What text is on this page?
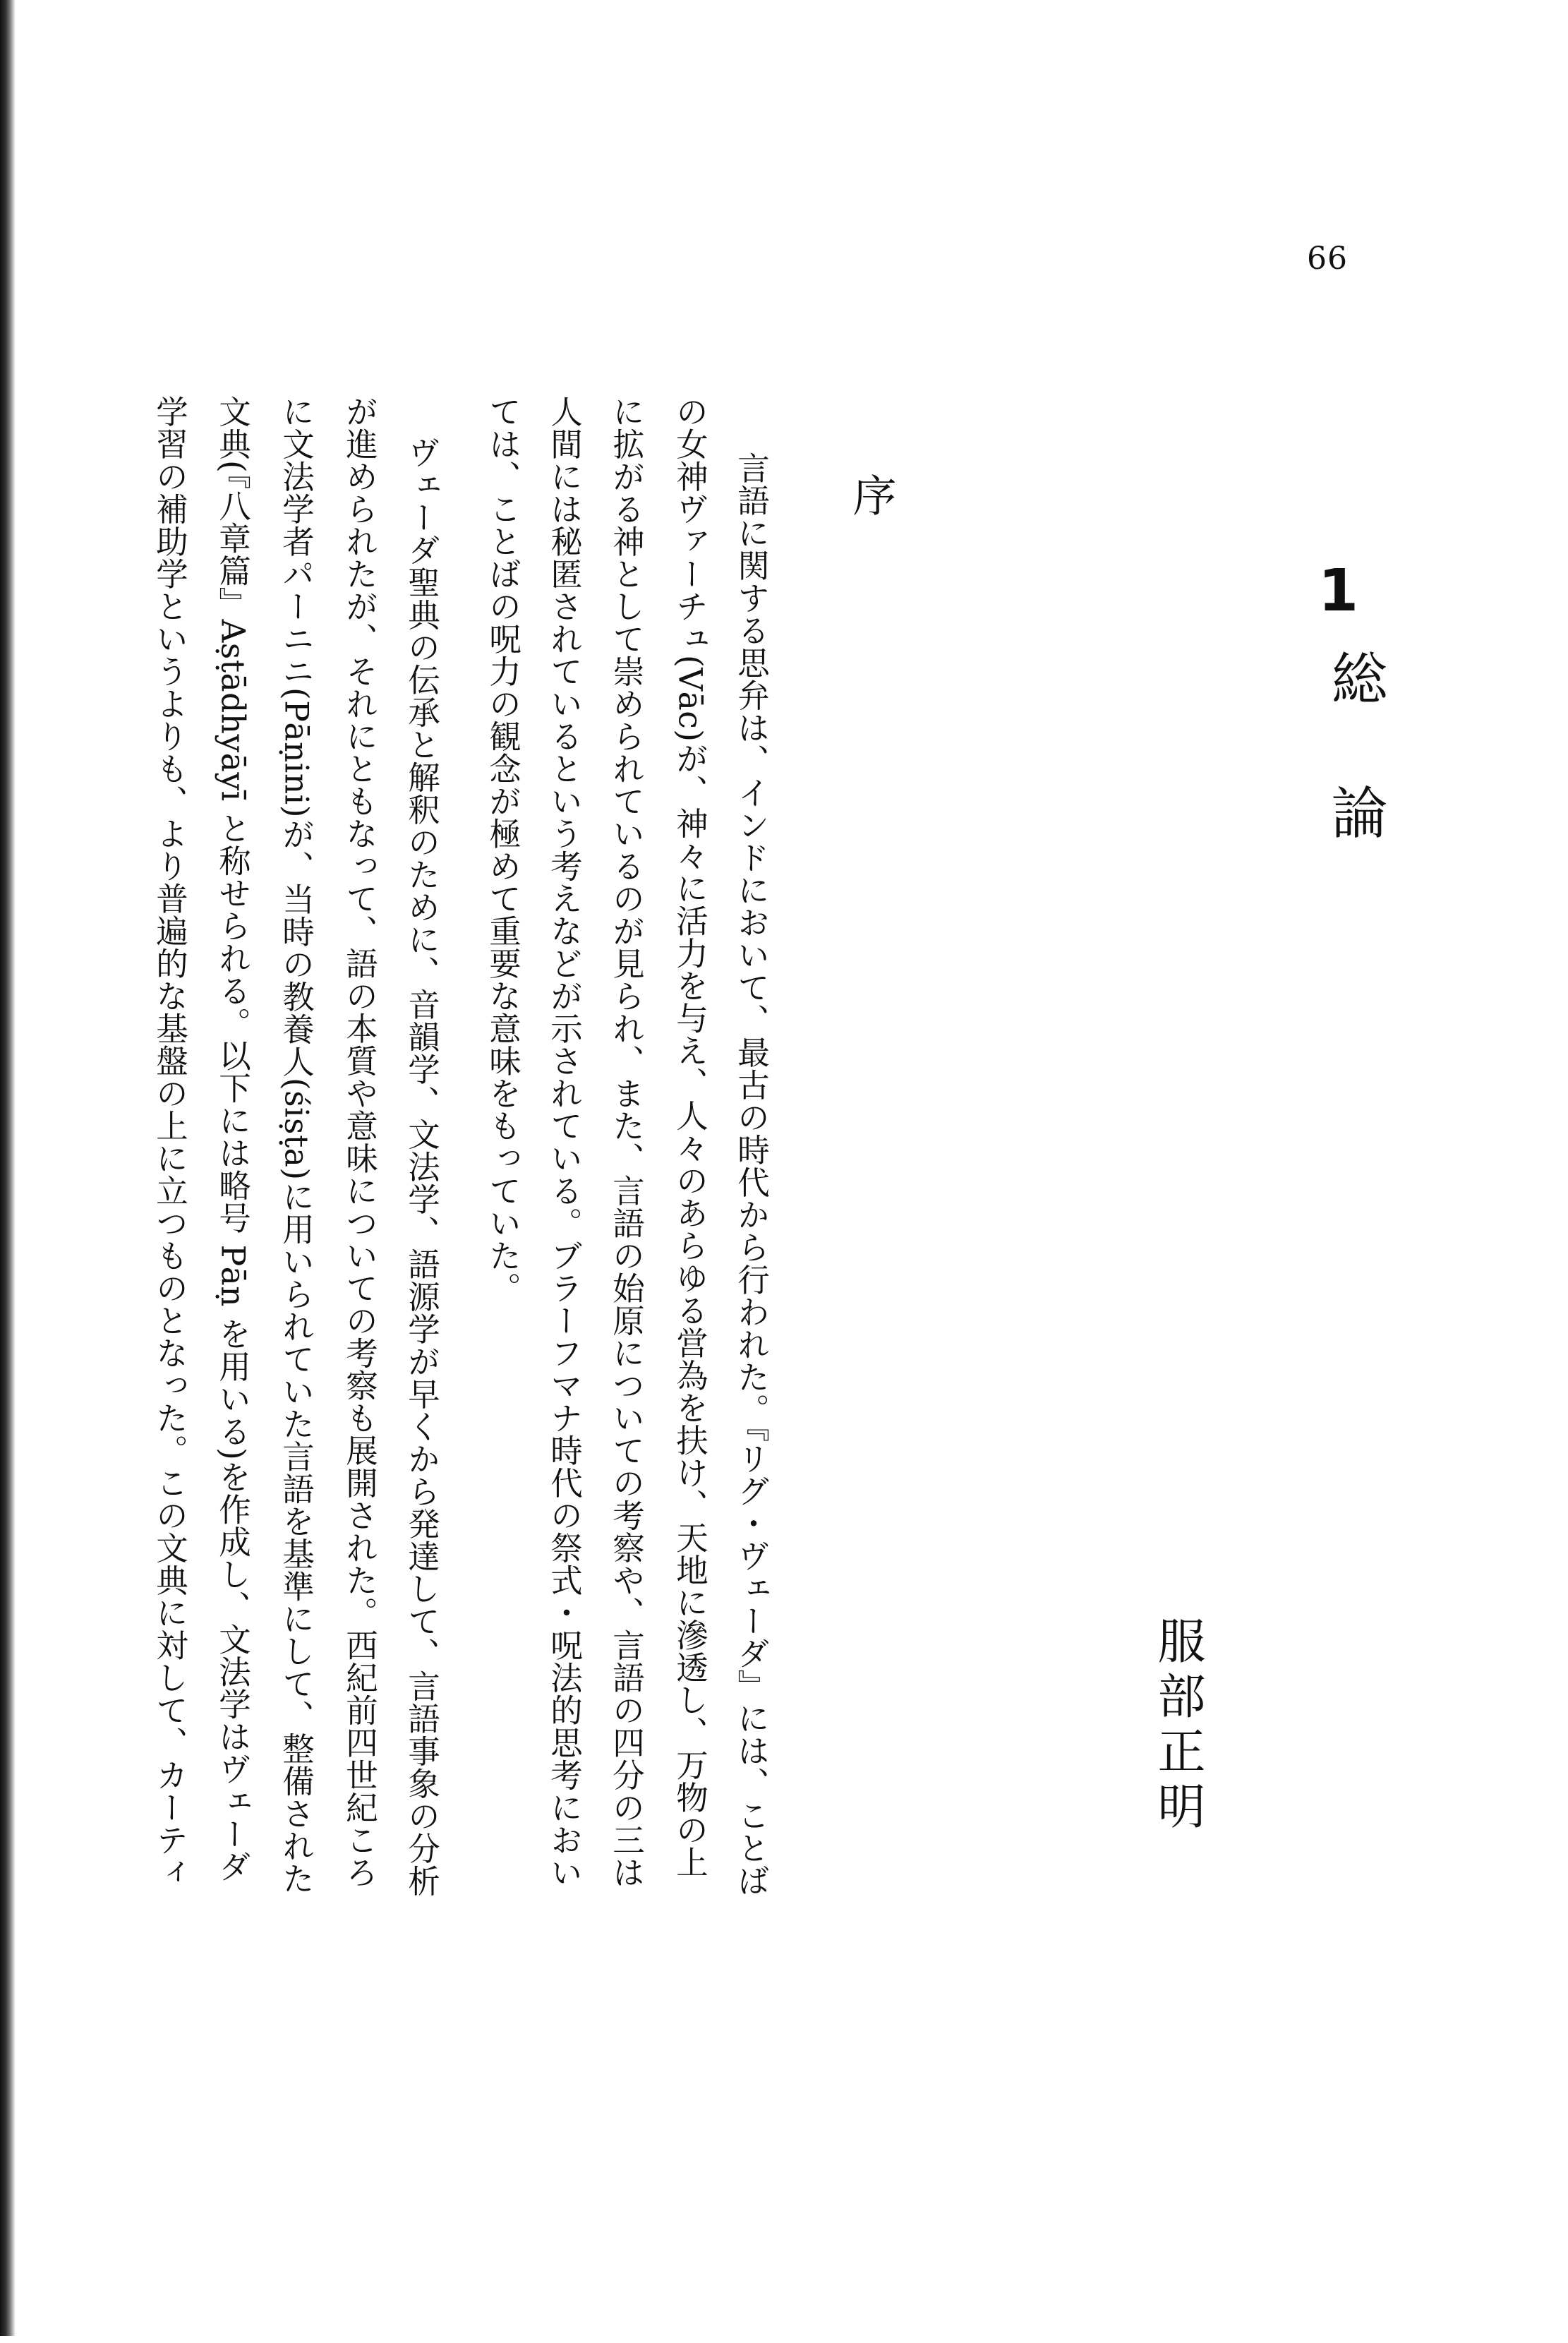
66
1
総論
服部正明
序
言語に関する思弁は、インドにおいて、最古の時代から行われた。『リグ・ヴェーダ』には、ことば
の女神ヴァーチュ(Vāc)が、神々に活力を与え、人々のあらゆる営為を扶け、天地に滲透し、万物の上
に拡がる神として崇められているのが見られ、また、言語の始原についての考察や、言語の四分の三は
人間には秘匿されているという考えなどが示されている。ブラーフマナ時代の祭式・呪法的思考におい
ては、ことばの呪力の観念が極めて重要な意味をもっていた。
ヴェーダ聖典の伝承と解釈のために、音韻学、文法学、語源学が早くから発達して、言語事象の分析
が進められたが、それにともなって、語の本質や意味についての考察も展開された。西紀前四世紀ころ
に文法学者パーニニ(Pāṇini)が、当時の教養人(śiṣṭa)に用いられていた言語を基準にして、整備された
文典(『八章篇』Aṣṭādhyāyī と称せられる。以下には略号 Pāṇ を用いる)を作成し、文法学はヴェーダ
学習の補助学というよりも、より普遍的な基盤の上に立つものとなった。この文典に対して、カーティ
